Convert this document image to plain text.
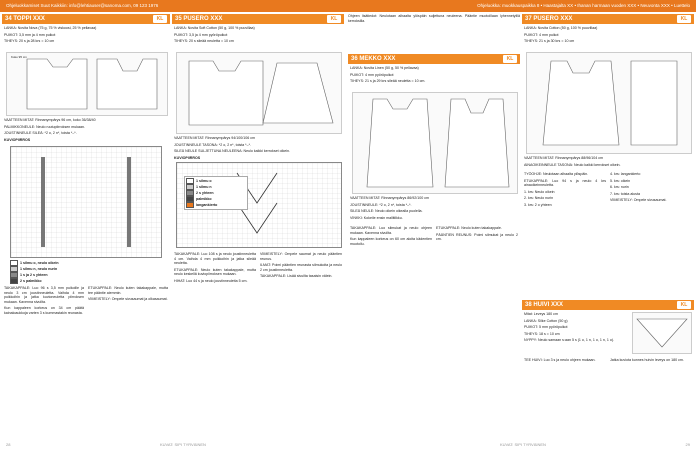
Ohjeluokkamiset Suut Kaikkiin: info@lehtiauser@sanoma.com, 09 123 1976	Ohjeluokka: muokkauspaikka 8 • Haastajalta XX • Ihanan harmaan vuoden XXX • Neuvonta XXX • Luettelo
34 TOPPI XXX	KL
LANKA: Novita Nova (75 g, 75 % viskoosi, 25 % pellavaa)
PUIKOT: 3,5 mm ja 4 mm puikot
TIHEYS: 20 s ja 28 krs = 10 cm
Koko 95 cm
VAATTEEN MITAT: Rinnanympärys 96 cm, koko 36/38/40
PALMIKKONEULE: Neulo ruutupiirroksen mukaan.
JOUSTINNEULE SILEÄ: *2 o, 2 n*, toista *–*.
KUVIOPIIRROS
1 silmu o, neulo oikein
1 silmu n, neulo nurin
1 s ja 2 s yhteen
2 s palmikko

TAKAKAPPALE: Luo 96 s 3,5 mm puikoille ja neulo 3 cm joustinneuletta. Vaihda 4 mm puikkoihin ja jatka kuvioneuletta piirroksen mukaan. Kavenna sivuilta.

Kun kappaleen korkeus on 34 cm päätä kainaloaukkoja varten 3 s kummastakin reunasta.

ETUKAPPALE: Neulo kuten takakappale, mutta tee pääntie aiemmin.

VIIMEISTELY: Ompele sivusaumat ja olkasaumat.

35 PUSERO XXX	KL
LANKA: Novita Soft Cotton (50 g, 100 % puuvillaa)
PUIKOT: 3,5 ja 4 mm pyöröpuikot
TIHEYS: 20 s sileää neuletta = 10 cm
VAATTEEN MITAT: Rinnanympärys 94/100/106 cm
JOUSTINNEULE TASONA: *2 o, 2 n*, toista *–*.
SILEÄ NEULE SULJETTUNA NEULEENA: Neulo kaikki kerrokset oikein.
KUVIOPIIRROS
1 silmu o
1 silmu n
2 s yhteen
palmikko
langankierto

TAKAKAPPALE: Luo 108 s ja neulo joustinneuletta 4 cm. Vaihda 4 mm puikkoihin ja jatka sileää neuletta.

ETUKAPPALE: Neulo kuten takakappale, mutta neulo keskellä kuviopiirroksen mukaan.

HIHAT: Luo 44 s ja neulo joustinneuletta 5 cm.

VIIMEISTELY: Ompele saumat ja neulo pääntien reunus.

ILMAT: Poimi pääntien reunasta silmukoita ja neulo 2 cm joustinneuletta.

TAKAKAPPALE: Lisää sivuilta tasaisin välein.

Ohjeen lisätiedot: Neulotaan alhaalta ylöspäin suljettuna neuleena. Pääntie muotoillaan lyhennetyillä kerroksilla.

36 MEKKO XXX	KL
LANKA: Novita Linen (50 g, 50 % pellavaa)
PUIKOT: 4 mm pyöröpuikot
TIHEYS: 21 s ja 29 krs sileää neuletta = 10 cm.
VAATTEEN MITAT: Rinnanympärys 86/92/100 cm
JOUSTINNEULE: *2 o, 2 n*, toista *–*.
SILEÄ NEULE: Neulo oikein oikealla puolella.
VINKKI: Kokeile ensin mallitilkku.

TAKAKAPPALE: Luo silmukat ja neulo ohjeen mukaan. Kavenna sivuilta.

Kun kappaleen korkeus on 60 cm aloita kädentien muotoilu.

ETUKAPPALE: Neulo kuten takakappale.

PÄÄNTIEN REUNUS: Poimi silmukat ja neulo 2 cm.

37 PUSERO XXX	KL
LANKA: Novita Cotton (50 g, 100 % puuvillaa)
PUIKOT: 4 mm puikot
TIHEYS: 21 s ja 30 krs = 10 cm
VAATTEEN MITAT: Rinnanympärys 88/96/104 cm
AINAOIKEINNEULE TASONA: Neulo kaikki kerrokset oikein.

TYÖOHJE: Neulotaan alhaalta ylöspäin.

ETUKAPPALE: Luo 94 s ja neulo 4 krs ainaoikeinneuletta.

1. krs: Neulo oikein

2. krs: Neulo nurin

3. krs: 2 o yhteen

4. krs: langankierto

5. krs: oikein

6. krs: nurin

7. krs: toista alusta

VIIMEISTELY: Ompele sivusaumat.

38 HUIVI XXX	KL
Mitat: Leveys 180 cm
LANKA: Silke Cotton (50 g)
PUIKOT: 5 mm pyöröpuikot
TIHEYS: 18 s = 10 cm
NYPPY: Neulo samaan s:aan 5 s (1 o, 1 n, 1 o, 1 n, 1 o).

TEE HUIVI: Luo 3 s ja neulo ohjeen mukaan.	Jatka kuviota kunnes huivin leveys on 180 cm.

28	KUVAT: SIPI TYRVÄINEN	KUVAT: SIPI TYRVÄINEN	29
